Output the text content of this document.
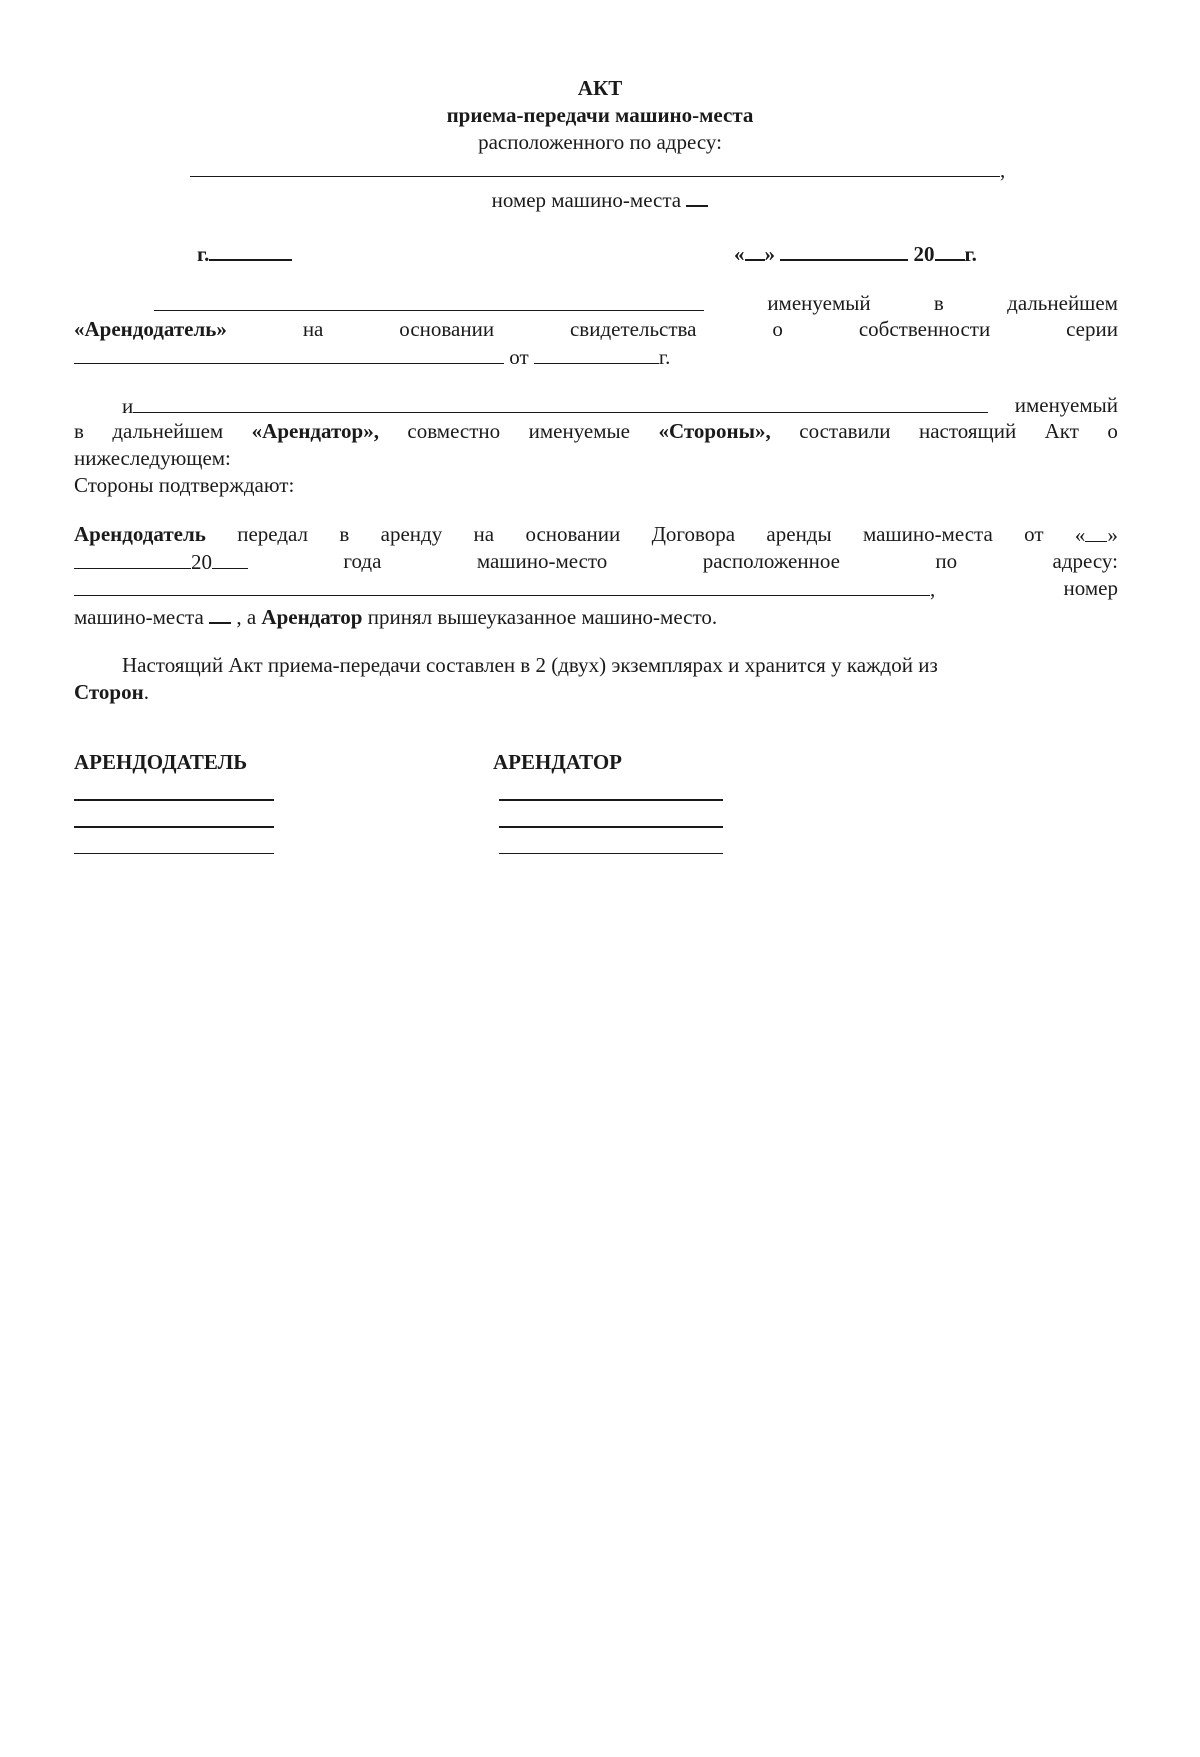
АКТ
приема-передачи машино-места
расположенного по адресу:
,
номер машино-места
г.	« »	20 г.
именуемый	в	дальнейшем
«Арендодатель»	на	основании	свидетельства	о	собственности	серии
от	г.
и	именуемый
в дальнейшем «Арендатор», совместно именуемые «Стороны», составили настоящий Акт о
нижеследующем:
Стороны подтверждают:
Арендодатель передал в аренду на основании Договора аренды машино-места от « »
20	года	машино-место	расположенное	по	адресу:
,	номер
машино-места , а Арендатор принял вышеуказанное машино-место.
Настоящий Акт приема-передачи составлен в 2 (двух) экземплярах и хранится у каждой из
Сторон.
АРЕНДОДАТЕЛЬ	АРЕНДАТОР
